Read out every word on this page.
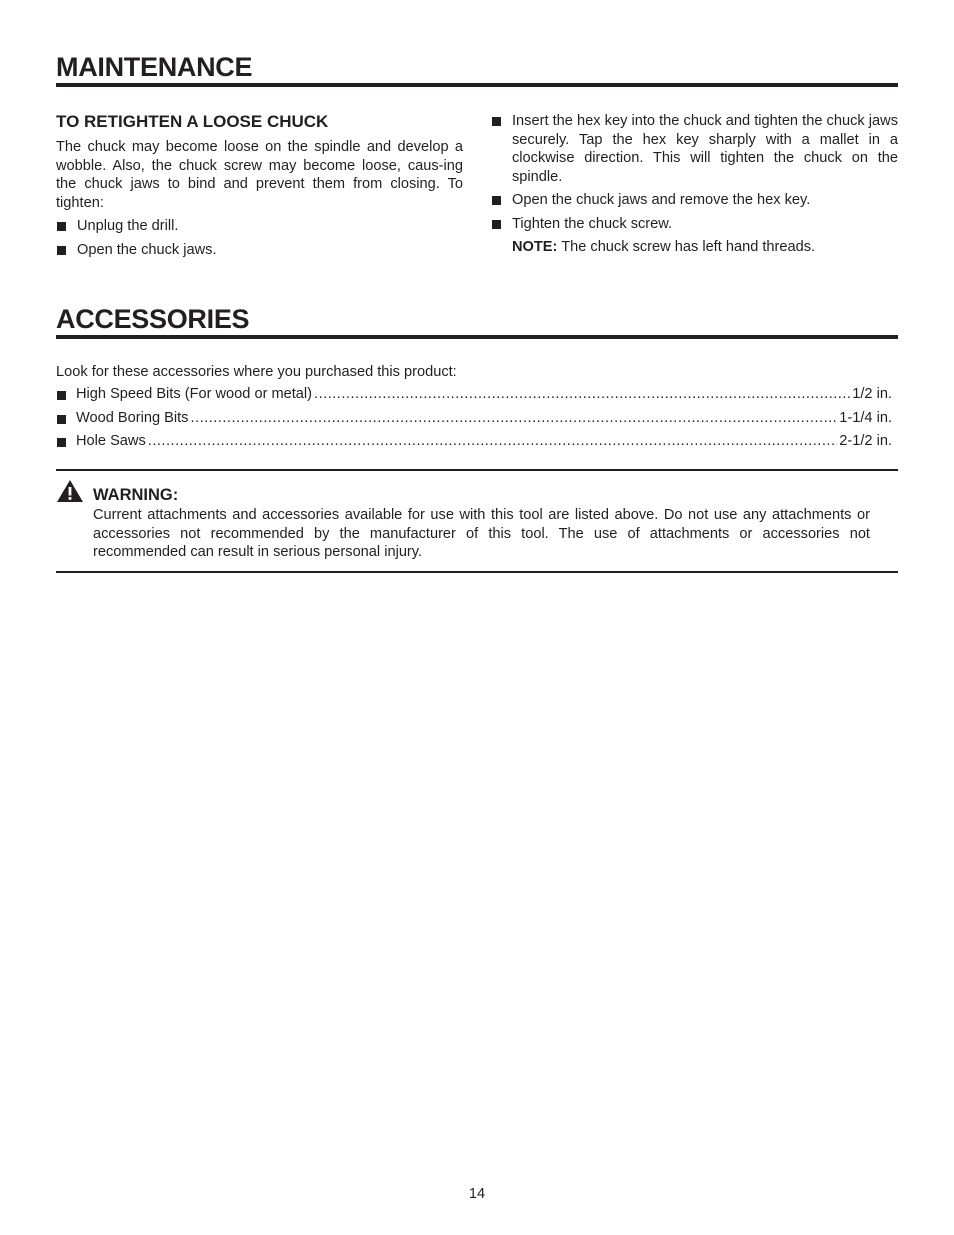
MAINTENANCE
TO RETIGHTEN A LOOSE CHUCK

The chuck may become loose on the spindle and develop a wobble. Also, the chuck screw may become loose, caus-ing the chuck jaws to bind and prevent them from closing. To tighten:

Unplug the drill.
Open the chuck jaws.
Insert the hex key into the chuck and tighten the chuck jaws securely. Tap the hex key sharply with a mallet in a clockwise direction. This will tighten the chuck on the spindle.
Open the chuck jaws and remove the hex key.
Tighten the chuck screw.
NOTE: The chuck screw has left hand threads.
ACCESSORIES
Look for these accessories where you purchased this product:
High Speed Bits (For wood or metal) .....	1/2 in.
Wood Boring Bits .....	1-1/4 in.
Hole Saws .....	2-1/2 in.
WARNING:

Current attachments and accessories available for use with this tool are listed above. Do not use any attachments or accessories not recommended by the manufacturer of this tool. The use of attachments or accessories not recommended can result in serious personal injury.

14
